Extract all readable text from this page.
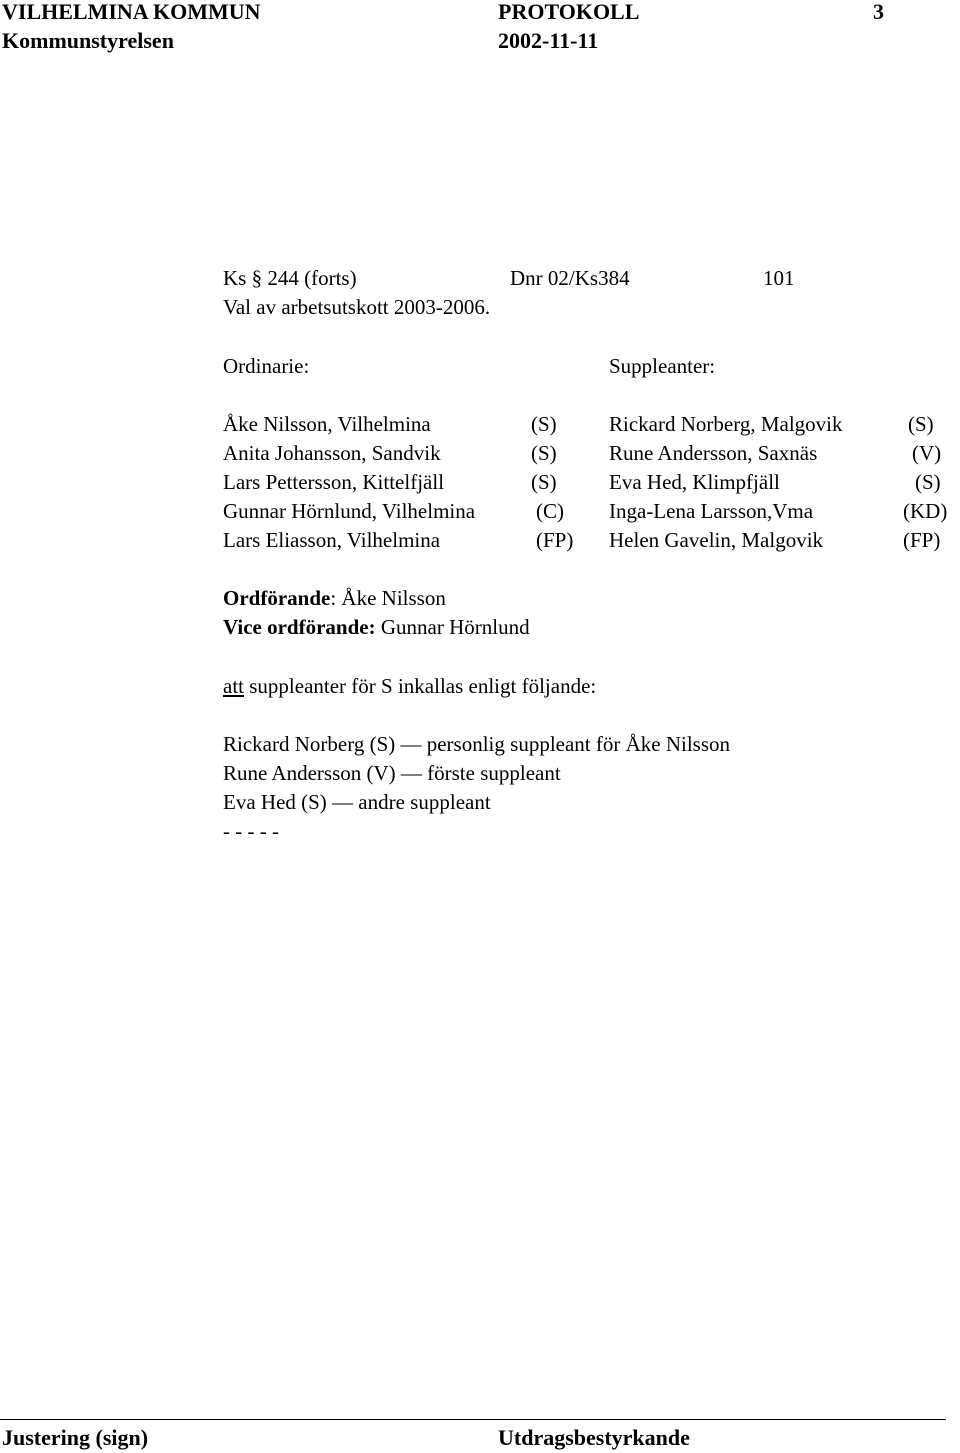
VILHELMINA KOMMUN	PROTOKOLL	3
Kommunstyrelsen	2002-11-11
Ks § 244 (forts)	Dnr 02/Ks384	101
Val av arbetsutskott 2003-2006.
Ordinarie:	Suppleanter:
Åke Nilsson, Vilhelmina	(S) Rickard Norberg, Malgovik	(S)
Anita Johansson, Sandvik	(S) Rune Andersson, Saxnäs	(V)
Lars Pettersson, Kittelfjäll	(S) Eva Hed, Klimpfjäll	(S)
Gunnar Hörnlund, Vilhelmina	(C) Inga-Lena Larsson,Vma	(KD)
Lars Eliasson, Vilhelmina	(FP) Helen Gavelin, Malgovik	(FP)
Ordförande: Åke Nilsson
Vice ordförande: Gunnar Hörnlund
att suppleanter för S inkallas enligt följande:
Rickard Norberg (S) — personlig suppleant för Åke Nilsson
Rune Andersson (V) — förste suppleant
Eva Hed (S) — andre suppleant
- - - - -
Justering (sign)	Utdragsbestyrkande
